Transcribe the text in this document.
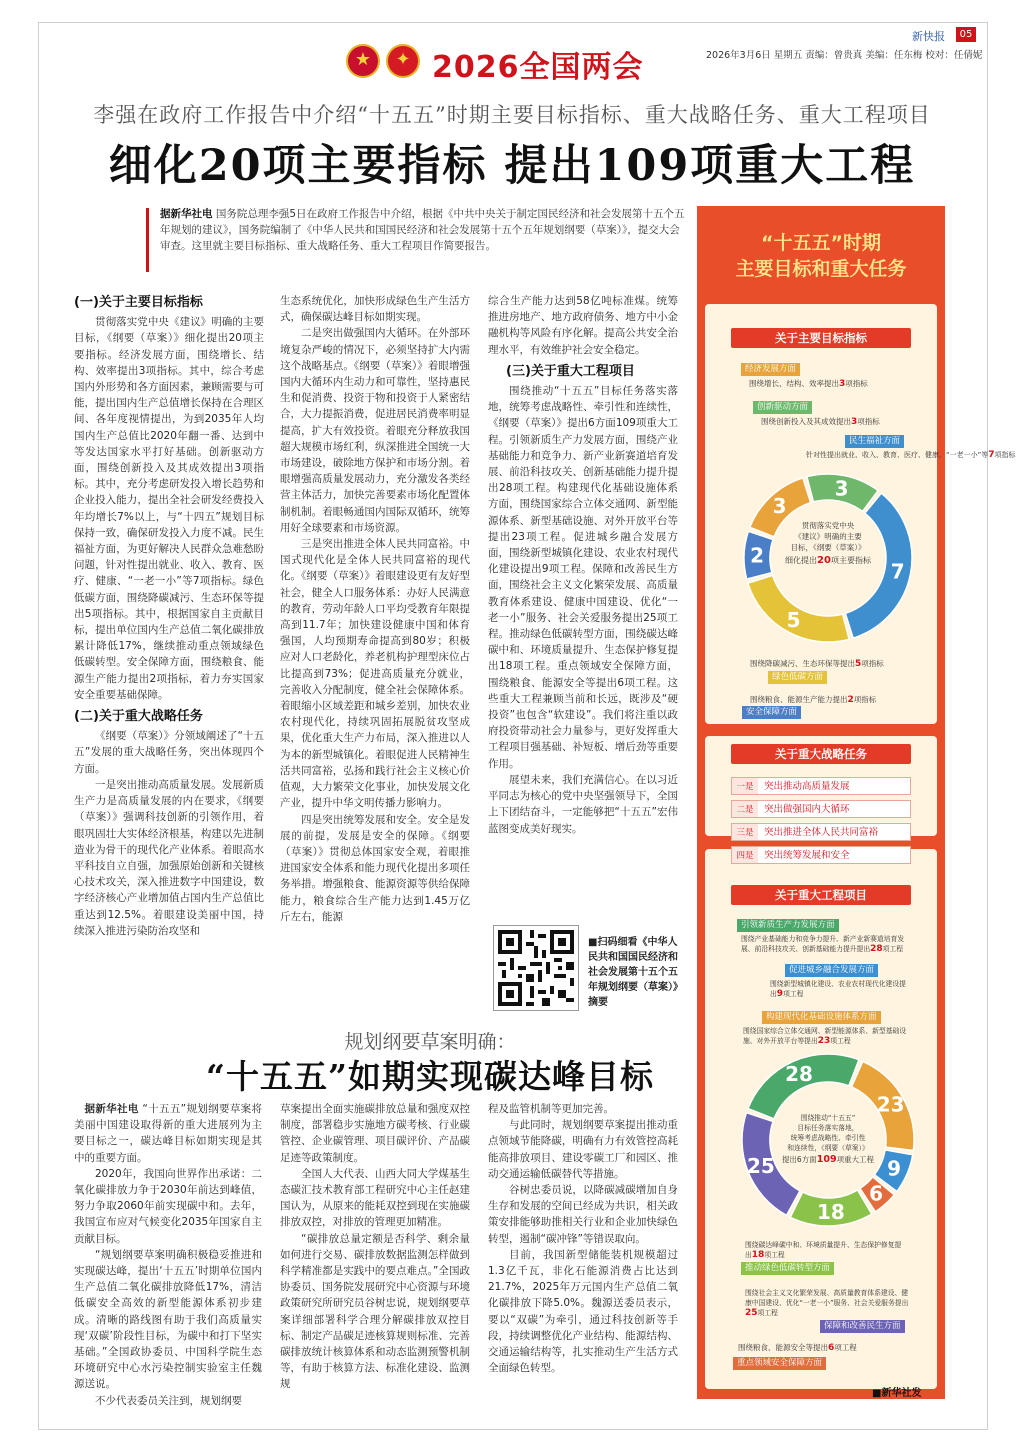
★	✦ 2026全国两会
新快报	05
2026年3月6日 星期五 责编：曾贵真 美编：任东梅 校对：任倩妮
李强在政府工作报告中介绍“十五五”时期主要目标指标、重大战略任务、重大工程项目
细化20项主要指标 提出109项重大工程
据新华社电 国务院总理李强5日在政府工作报告中介绍，根据《中共中央关于制定国民经济和社会发展第十五个五年规划的建议》，国务院编制了《中华人民共和国国民经济和社会发展第十五个五年规划纲要（草案）》，提交大会审查。这里就主要目标指标、重大战略任务、重大工程项目作简要报告。
(一)关于主要目标指标

贯彻落实党中央《建议》明确的主要目标，《纲要（草案）》细化提出20项主要指标。经济发展方面，围绕增长、结构、效率提出3项指标。其中，综合考虑国内外形势和各方面因素，兼顾需要与可能，提出国内生产总值增长保持在合理区间、各年度视情提出，为到2035年人均国内生产总值比2020年翻一番、达到中等发达国家水平打好基础。创新驱动方面，围绕创新投入及其成效提出3项指标。其中，充分考虑研发投入增长趋势和企业投入能力，提出全社会研发经费投入年均增长7%以上，与“十四五”规划目标保持一致，确保研发投入力度不减。民生福祉方面，为更好解决人民群众急难愁盼问题，针对性提出就业、收入、教育、医疗、健康、“一老一小”等7项指标。绿色低碳方面，围绕降碳减污、生态环保等提出5项指标。其中，根据国家自主贡献目标，提出单位国内生产总值二氧化碳排放累计降低17%，继续推动重点领域绿色低碳转型。安全保障方面，围绕粮食、能源生产能力提出2项指标，着力夯实国家安全重要基础保障。

(二)关于重大战略任务

《纲要（草案）》分领域阐述了“十五五”发展的重大战略任务，突出体现四个方面。

一是突出推动高质量发展。发展新质生产力是高质量发展的内在要求，《纲要（草案）》强调科技创新的引领作用，着眼巩固壮大实体经济根基，构建以先进制造业为骨干的现代化产业体系。着眼高水平科技自立自强，加强原始创新和关键核心技术攻关，深入推进数字中国建设，数字经济核心产业增加值占国内生产总值比重达到12.5%。着眼建设美丽中国，持续深入推进污染防治攻坚和

生态系统优化，加快形成绿色生产生活方式，确保碳达峰目标如期实现。

二是突出做强国内大循环。在外部环境复杂严峻的情况下，必须坚持扩大内需这个战略基点。《纲要（草案）》着眼增强国内大循环内生动力和可靠性，坚持惠民生和促消费、投资于物和投资于人紧密结合，大力提振消费，促进居民消费率明显提高，扩大有效投资。着眼充分释放我国超大规模市场红利，纵深推进全国统一大市场建设，破除地方保护和市场分割。着眼增强高质量发展动力，充分激发各类经营主体活力，加快完善要素市场化配置体制机制。着眼畅通国内国际双循环，统筹用好全球要素和市场资源。

三是突出推进全体人民共同富裕。中国式现代化是全体人民共同富裕的现代化。《纲要（草案）》着眼建设更有友好型社会，健全人口服务体系：办好人民满意的教育，劳动年龄人口平均受教育年限提高到11.7年；加快建设健康中国和体育强国，人均预期寿命提高到80岁；积极应对人口老龄化，养老机构护理型床位占比提高到73%；促进高质量充分就业，完善收入分配制度，健全社会保障体系。着眼缩小区域差距和城乡差别，加快农业农村现代化，持续巩固拓展脱贫攻坚成果，优化重大生产力布局，深入推进以人为本的新型城镇化。着眼促进人民精神生活共同富裕，弘扬和践行社会主义核心价值观，大力繁荣文化事业，加快发展文化产业，提升中华文明传播力影响力。

四是突出统筹发展和安全。安全是发展的前提，发展是安全的保障。《纲要（草案）》贯彻总体国家安全观，着眼推进国家安全体系和能力现代化提出多项任务举措。增强粮食、能源资源等供给保障能力，粮食综合生产能力达到1.45万亿斤左右，能源

综合生产能力达到58亿吨标准煤。统筹推进房地产、地方政府债务、地方中小金融机构等风险有序化解。提高公共安全治理水平，有效维护社会安全稳定。

(三)关于重大工程项目

围绕推动“十五五”目标任务落实落地，统筹考虑战略性、牵引性和连续性，《纲要（草案）》提出6方面109项重大工程。引领新质生产力发展方面，围绕产业基础能力和竞争力、新产业新赛道培育发展、前沿科技攻关、创新基础能力提升提出28项工程。构建现代化基础设施体系方面，围绕国家综合立体交通网、新型能源体系、新型基础设施、对外开放平台等提出23项工程。促进城乡融合发展方面，围绕新型城镇化建设、农业农村现代化建设提出9项工程。保障和改善民生方面，围绕社会主义文化繁荣发展、高质量教育体系建设、健康中国建设、优化“一老一小”服务、社会关爱服务提出25项工程。推动绿色低碳转型方面，围绕碳达峰碳中和、环境质量提升、生态保护修复提出18项工程。重点领域安全保障方面，围绕粮食、能源安全等提出6项工程。这些重大工程兼顾当前和长远，既涉及“硬投资”也包含“软建设”。我们将注重以政府投资带动社会力量参与，更好发挥重大工程项目强基础、补短板、增后劲等重要作用。

展望未来，我们充满信心。在以习近平同志为核心的党中央坚强领导下，全国上下团结奋斗，一定能够把“十五五”宏伟蓝图变成美好现实。

■扫码细看《中华人民共和国国民经济和社会发展第十五个五年规划纲要（草案）》摘要
规划纲要草案明确：
“十五五”如期实现碳达峰目标

据新华社电 “十五五”规划纲要草案将美丽中国建设取得新的重大进展列为主要目标之一，碳达峰目标如期实现是其中的重要方面。

2020年，我国向世界作出承诺：二氧化碳排放力争于2030年前达到峰值，努力争取2060年前实现碳中和。去年，我国宣布应对气候变化2035年国家自主贡献目标。

“规划纲要草案明确积极稳妥推进和实现碳达峰，提出‘十五五’时期单位国内生产总值二氧化碳排放降低17%，清洁低碳安全高效的新型能源体系初步建成。清晰的路线图有助于我们高质量实现‘双碳’阶段性目标，为碳中和打下坚实基础。”全国政协委员、中国科学院生态环境研究中心水污染控制实验室主任魏源送说。

不少代表委员关注到，规划纲要

草案提出全面实施碳排放总量和强度双控制度，部署稳步实施地方碳考核、行业碳管控、企业碳管理、项目碳评价、产品碳足迹等政策制度。

全国人大代表、山西大同大学煤基生态碳汇技术教育部工程研究中心主任赵建国认为，从原来的能耗双控到现在实施碳排放双控，对排放的管理更加精准。

“碳排放总量定额是否科学、剩余量如何进行交易、碳排放数据监测怎样做到科学精准都是实践中的要点难点。”全国政协委员、国务院发展研究中心资源与环境政策研究所研究员谷树忠说，规划纲要草案详细部署科学合理分解碳排放双控目标、制定产品碳足迹核算规则标准、完善碳排放统计核算体系和动态监测预警机制等，有助于核算方法、标准化建设、监测规

程及监管机制等更加完善。

与此同时，规划纲要草案提出推动重点领域节能降碳，明确有力有效管控高耗能高排放项目、建设零碳工厂和园区、推动交通运输低碳替代等措施。

谷树忠委员说，以降碳减碳增加自身生存和发展的空间已经成为共识，相关政策安排能够助推相关行业和企业加快绿色转型，遏制“碳冲锋”等错误取向。

目前，我国新型储能装机规模超过1.3亿千瓦，非化石能源消费占比达到21.7%，2025年万元国内生产总值二氧化碳排放下降5.0%。魏源送委员表示，要以“双碳”为牵引，通过科技创新等手段，持续调整优化产业结构、能源结构、交通运输结构等，扎实推动生产生活方式全面绿色转型。

“十五五”时期
主要目标和重大任务
关于主要目标指标
经济发展方面
围绕增长、结构、效率提出3项指标
创新驱动方面
围绕创新投入及其成效提出3项指标
民生福祉方面
针对性提出就业、收入、教育、医疗、健康、“一老一小”等7项指标
围绕降碳减污、生态环保等提出5项指标
绿色低碳方面
围绕粮食、能源生产能力提出2项指标
安全保障方面
3
3
7
5
2
贯彻落实党中央
《建议》明确的主要
目标，《纲要（草案）》
细化提出20项主要指标
关于重大战略任务
一是 突出推动高质量发展
二是 突出做强国内大循环
三是 突出推进全体人民共同富裕
四是 突出统筹发展和安全
关于重大工程项目
引领新质生产力发展方面
围绕产业基础能力和竞争力提升、新产业新赛道培育发展、前沿科技攻关、创新基础能力提升提出28项工程
促进城乡融合发展方面
围绕新型城镇化建设、农业农村现代化建设提出9项工程
构建现代化基础设施体系方面
围绕国家综合立体交通网、新型能源体系、新型基础设施、对外开放平台等提出23项工程
28
23
9
6
18
25
围绕推动“十五五”
目标任务落实落地，
统筹考虑战略性、牵引性
和连续性，《纲要（草案）》
提出6方面109项重大工程
围绕碳达峰碳中和、环境质量提升、生态保护修复提出18项工程
推动绿色低碳转型方面
围绕社会主义文化繁荣发展、高质量教育体系建设、健康中国建设、优化“一老一小”服务、社会关爱服务提出25项工程
保障和改善民生方面
围绕粮食、能源安全等提出6项工程
重点领域安全保障方面
■新华社发
